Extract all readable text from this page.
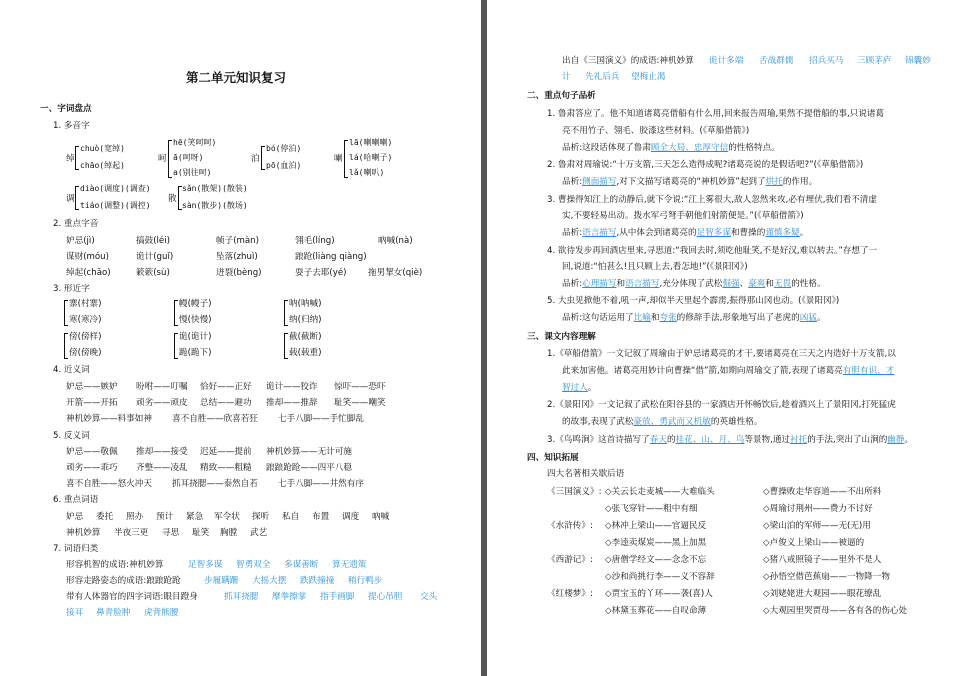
第二单元知识复习
一、字词盘点
1. 多音字
绰
chuò(宽绰)
chāo(绰起)
呵
hē(笑呵呵)
ā(呵呀)
a(别往呵)
泊
bó(停泊)
pō(血泊)
喇
lā(喇喇喇)
lá(哈喇子)
lǎ(喇叭)
调
diào(调度)(调查)
tiáo(调整)(调控)
散
sǎn(散架)(散装)
sàn(散步)(散场)
2. 重点字音
妒忌(jì)	搞鼓(léi)	帧子(màn)	翎毛(líng)	吶喊(nà)
谋财(móu)	诡计(guǐ)	坠落(zhuì)	踉跄(liàng qiàng)
绰起(chāo)	簌簌(sù)	迸裂(bèng)	耍子去耶(yé)	拖男挈女(qiè)
3. 形近字
寨(村寨)
寒(寒冷)
幔(幔子)
慢(快慢)
呐(呐喊)
纳(归纳)
傍(傍样)
傍(傍晚)
诡(诡计)
跪(跪下)
截(截断)
载(载重)
4. 近义词
妒忌——嫉妒 吩咐——叮嘱 恰好——正好 诡计——狡诈 惊吓——恐吓
开箭——开拓 顽劣——顽皮 总结——避功 推却——推辞 耻笑——嘲笑
神机妙算——料事如神 喜不自胜——欣喜若狂 七手八脚——手忙脚乱
5. 反义词
妒忌——敬佩 推却——接受 迟延——提前 神机妙算——无计可施
顽劣——乖巧 齐整——凌乱 精致——粗糙 踉踉跄跄——四平八稳
喜不自胜——怒火冲天 抓耳挠腮——泰然自若 七手八脚——井然有序
6. 重点词语
妒忌 委托 照办 预计 紧急 军令状 探听 私自 布置 调度 吶喊
神机妙算 半夜三更 寻思 耻笑 胸膛 武艺
7. 词语归类
形容机智的成语:神机妙算	足智多谋 智勇双全 多谋善断 算无遗策
形容走路姿态的成语:踉踉跄跄	步履蹒跚 大摇大摆 跌跌撞撞 稍行鸭步
带有人体器官的四字词语:眼目蹬身	抓耳挠腮 摩拳擦掌 指手画脚 提心吊胆 交头
接耳 鼻青脸肿 虎背熊腰
出自《三国演义》的成语:神机妙算 诡计多端 舌战群儒 招兵买马 三顾茅庐 锦囊妙
计 先礼后兵 望梅止渴
二、重点句子品析
1. 鲁肃答应了。他不知道诸葛亮借船有什么用,回来报告周瑜,果然不提借船的事,只说诸葛
亮不用竹子、翎毛、胶漆这些材料。(《草船借箭》)
品析:这段话体现了鲁肃顾全大局、忠厚守信的性格特点。
2. 鲁肃对周瑜说:“十万支箭,三天怎么造得成呢?诸葛亮说的是假话吧?”(《草船借箭》)
品析:侧面描写,对下文描写诸葛亮的“神机妙算”起到了烘托的作用。
3. 曹操得知江上的动静后,就下令说:“江上雾很大,敌人忽然来攻,必有埋伏,我们看不清虚
实,不要轻易出动。拨水军弓弩手朝他们射箭便是。”(《草船借箭》)
品析:语言描写,从中体会到诸葛亮的足智多谋和曹操的谨慎多疑。
4. 欲待发步再回酒店里来,寻思道:“我回去时,须吃他耻笑,不是好汉,难以转去。”存想了一
回,说道:“怕甚么!且只顾上去,看怎地!”(《景阳冈》)
品析:心理描写和语言描写,充分体现了武松倔强、豪爽和无畏的性格。
5. 大虫见掀他不着,吼一声,却似半天里起个霹雳,振得那山冈也动。(《景阳冈》)
品析:这句话运用了比喻和夸张的修辞手法,形象地写出了老虎的凶猛。
三、课文内容理解
1.《草船借箭》一文记叙了周瑜由于妒忌诸葛亮的才干,要诸葛亮在三天之内造好十万支箭,以
此来加害他。诸葛亮用妙计向曹操“借”箭,如期向周瑜交了箭,表现了诸葛亮有胆有识、才
智过人。
2.《景阳冈》一文记叙了武松在阳谷县的一家酒店开怀畅饮后,趁着酒兴上了景阳冈,打死猛虎
的故事,表现了武松豪放、勇武而又机敏的英雄性格。
3.《鸟鸣涧》这首诗描写了春天的桂花、山、月、鸟等景物,通过衬托的手法,突出了山涧的幽静。
四、知识拓展
四大名著相关歇后语
《三国演义》: ◇关云长走麦城——大难临头	◇曹操败走华容道——不出所料
◇张飞穿针——粗中有细	◇周瑜讨荆州——费力不讨好
《水浒传》: ◇林冲上梁山——官逼民反	◇梁山泊的军师——无(无)用
◇李逵卖煤炭——黑上加黑	◇卢俊义上梁山——被逼的
《西游记》: ◇唐僧学经文——念念不忘	◇猪八戒照镜子——里外不是人
◇沙和尚挑行李——义不容辞	◇孙悟空借芭蕉扇——一物降一物
《红楼梦》: ◇贾宝玉的丫环——袭(喜)人	◇刘姥姥进大观园——眼花缭乱
◇林黛玉葬花——自叹命薄	◇大观园里哭贾母——各有各的伤心处
